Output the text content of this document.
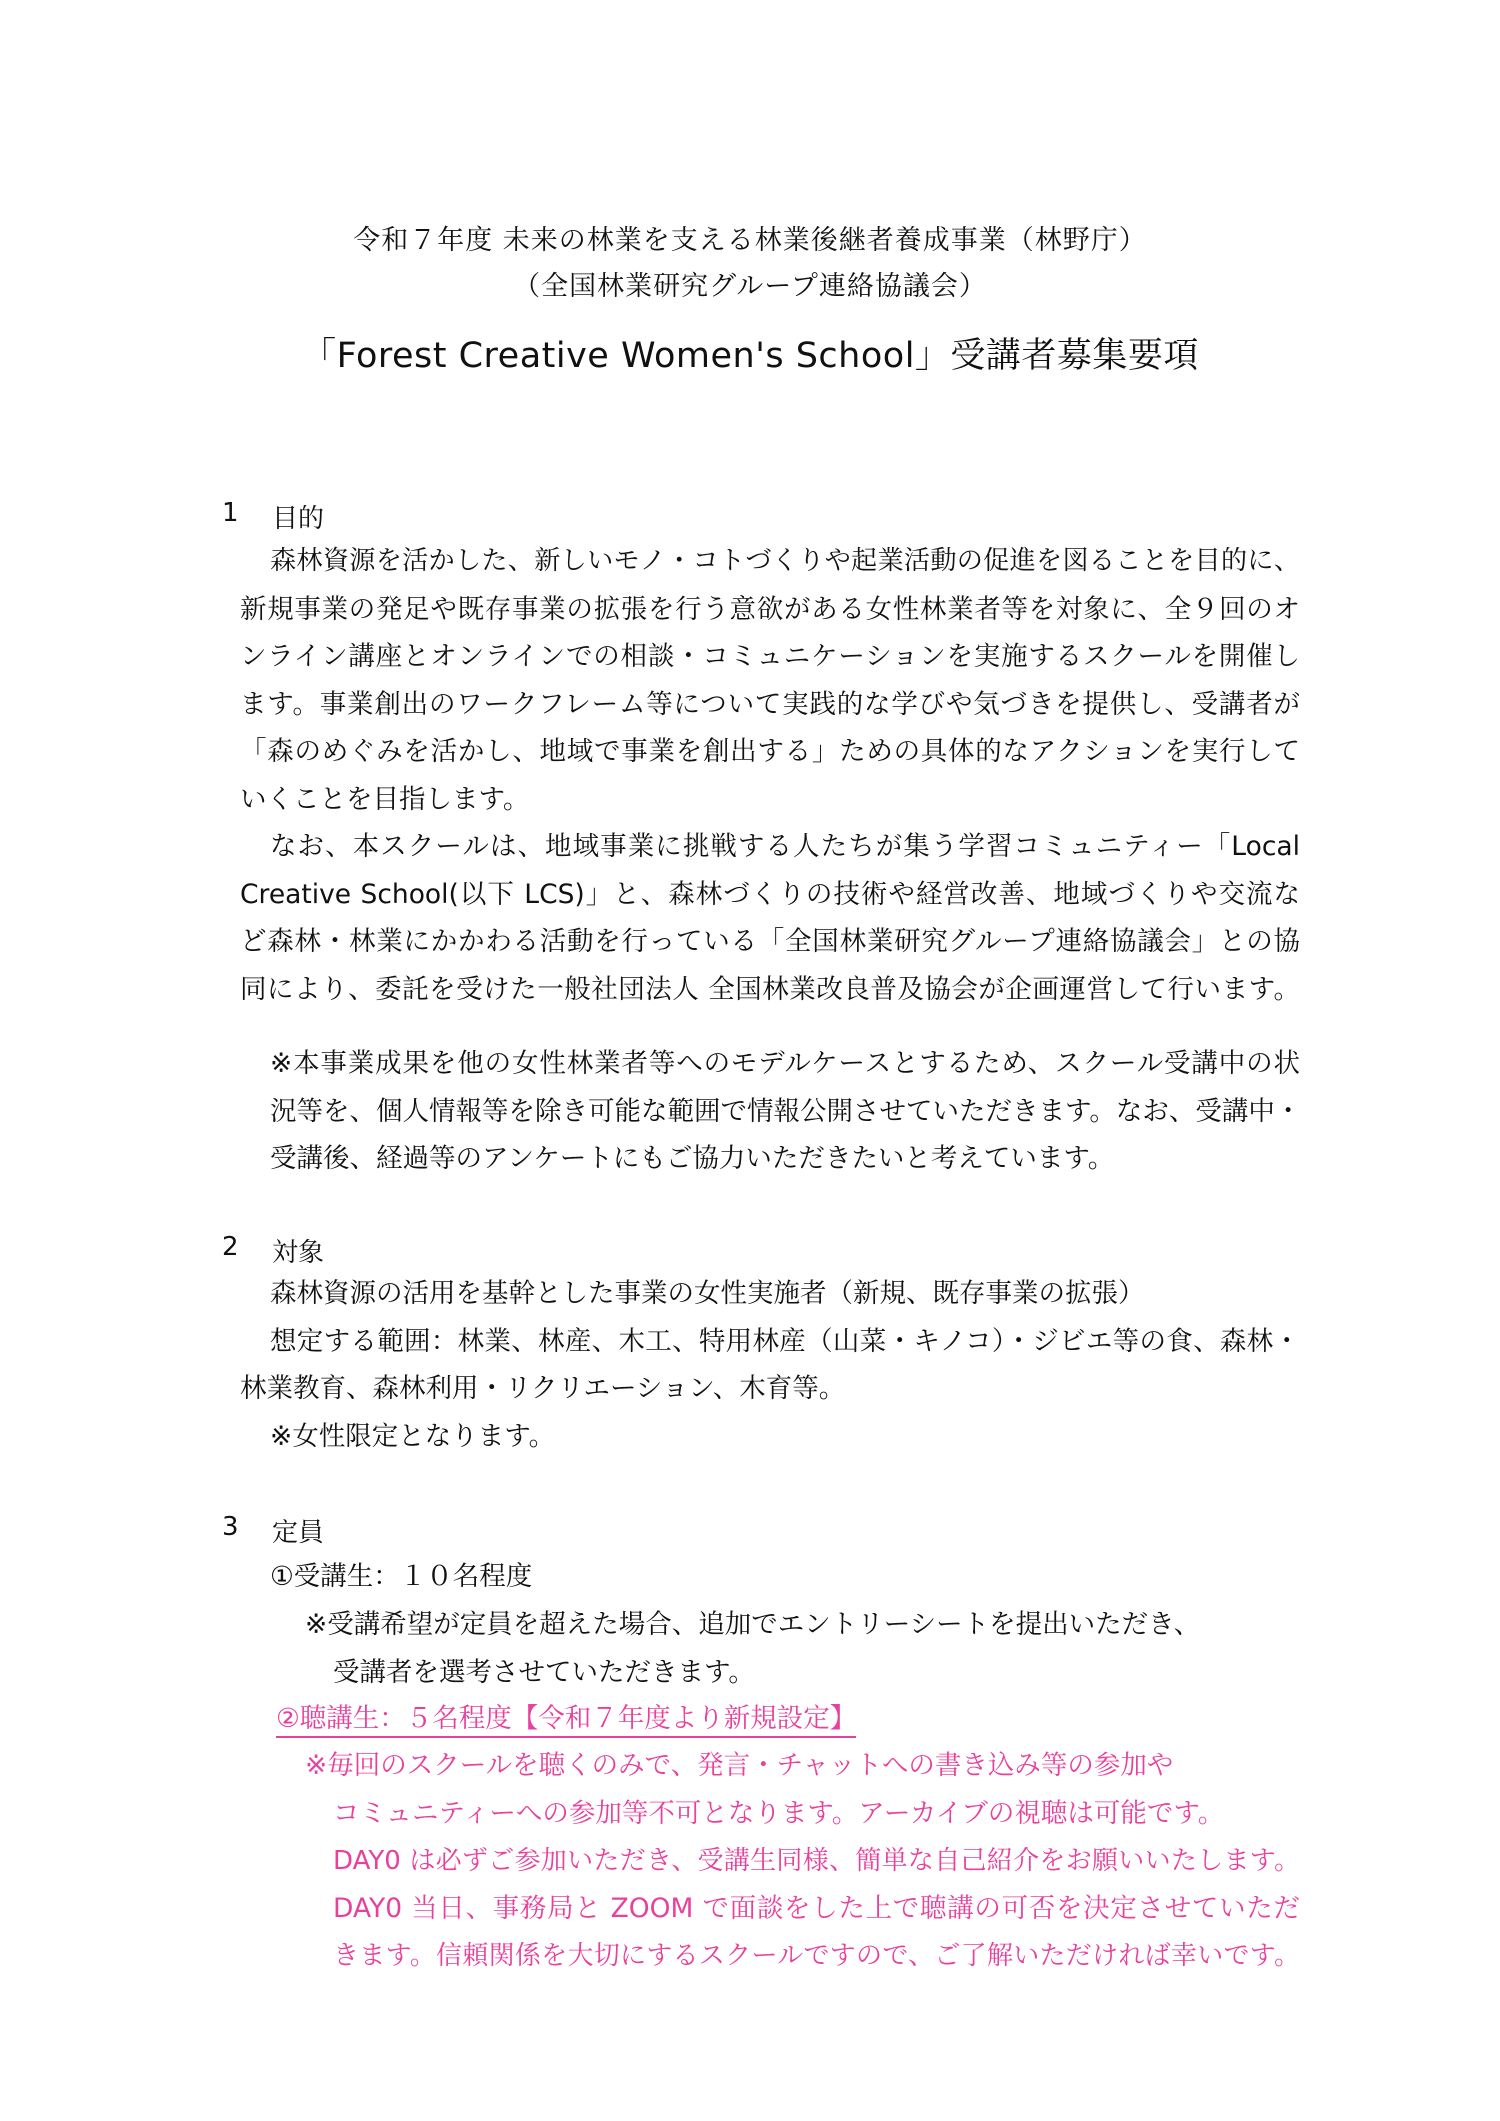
令和７年度 未来の林業を支える林業後継者養成事業（林野庁）
（全国林業研究グループ連絡協議会）
「Forest Creative Women's School」受講者募集要項
1 目的
森林資源を活かした、新しいモノ・コトづくりや起業活動の促進を図ることを目的に、
新規事業の発足や既存事業の拡張を行う意欲がある女性林業者等を対象に、全９回のオ
ンライン講座とオンラインでの相談・コミュニケーションを実施するスクールを開催し
ます。事業創出のワークフレーム等について実践的な学びや気づきを提供し、受講者が
「森のめぐみを活かし、地域で事業を創出する」ための具体的なアクションを実行して
いくことを目指します。
なお、本スクールは、地域事業に挑戦する人たちが集う学習コミュニティー「Local
Creative School(以下 LCS)」と、森林づくりの技術や経営改善、地域づくりや交流な
ど森林・林業にかかわる活動を行っている「全国林業研究グループ連絡協議会」との協
同により、委託を受けた一般社団法人 全国林業改良普及協会が企画運営して行います。
※本事業成果を他の女性林業者等へのモデルケースとするため、スクール受講中の状
況等を、個人情報等を除き可能な範囲で情報公開させていただきます。なお、受講中・
受講後、経過等のアンケートにもご協力いただきたいと考えています。
2 対象
森林資源の活用を基幹とした事業の女性実施者（新規、既存事業の拡張）
想定する範囲：林業、林産、木工、特用林産（山菜・キノコ）・ジビエ等の食、森林・
林業教育、森林利用・リクリエーション、木育等。
※女性限定となります。
3 定員
①受講生：１０名程度
※受講希望が定員を超えた場合、追加でエントリーシートを提出いただき、
受講者を選考させていただきます。
②聴講生：５名程度【令和７年度より新規設定】
※毎回のスクールを聴くのみで、発言・チャットへの書き込み等の参加や
コミュニティーへの参加等不可となります。アーカイブの視聴は可能です。
DAY0 は必ずご参加いただき、受講生同様、簡単な自己紹介をお願いいたします。
DAY0 当日、事務局と ZOOM で面談をした上で聴講の可否を決定させていただ
きます。信頼関係を大切にするスクールですので、ご了解いただければ幸いです。
